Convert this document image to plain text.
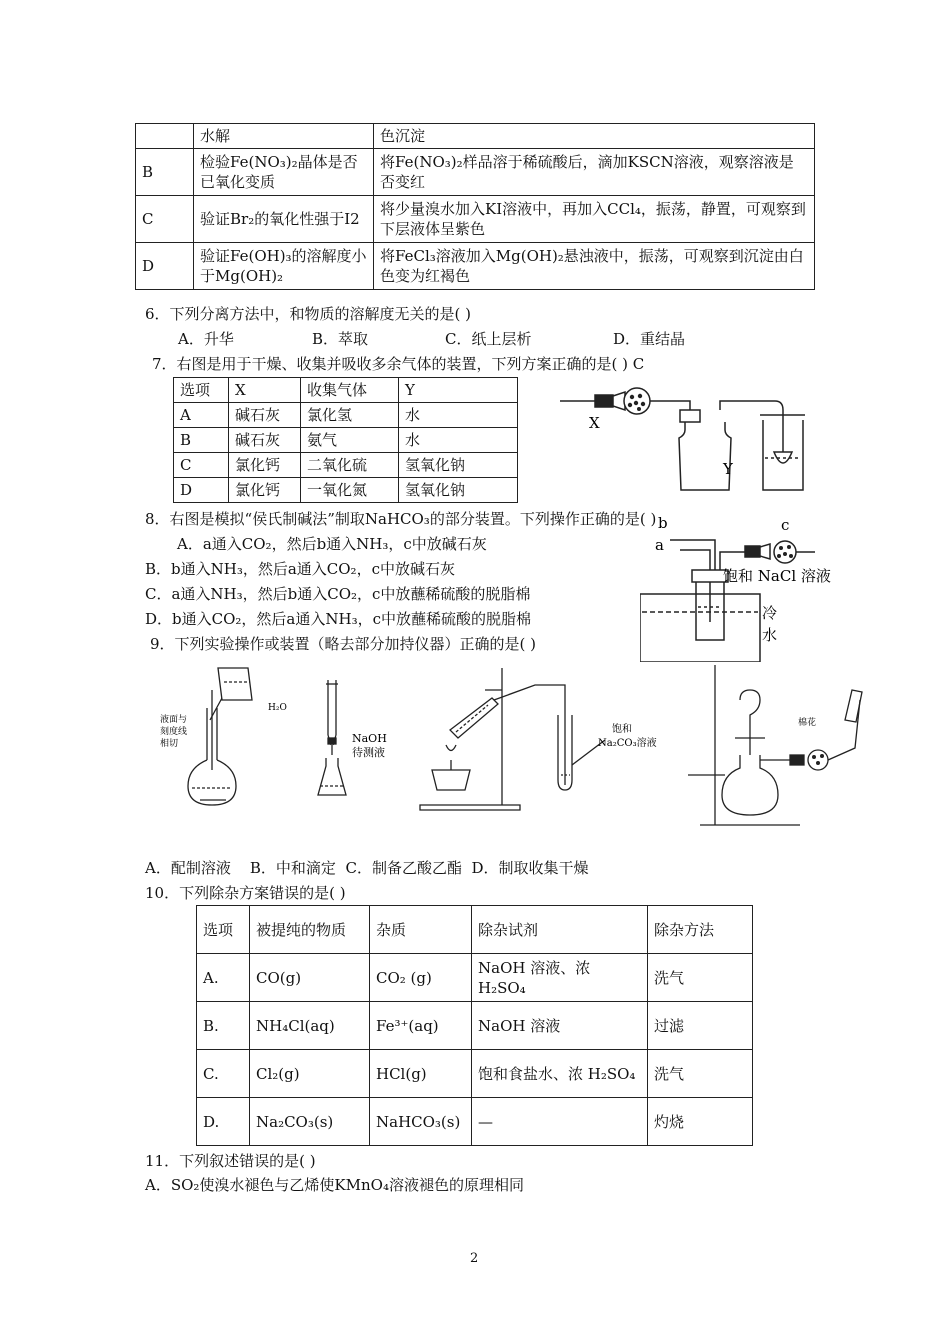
	水解	色沉淀
B	检验Fe(NO₃)₂晶体是否已氧化变质	将Fe(NO₃)₂样品溶于稀硫酸后，滴加KSCN溶液，观察溶液是否变红
C	验证Br₂的氧化性强于I2	将少量溴水加入KI溶液中，再加入CCl₄，振荡，静置，可观察到下层液体呈紫色
D	验证Fe(OH)₃的溶解度小于Mg(OH)₂	将FeCl₃溶液加入Mg(OH)₂悬浊液中，振荡，可观察到沉淀由白色变为红褐色
6．下列分离方法中，和物质的溶解度无关的是( )
A．升华	B．萃取	C．纸上层析	D．重结晶
7．右图是用于干燥、收集并吸收多余气体的装置，下列方案正确的是( ) C
选项	X	收集气体	Y
A	碱石灰	氯化氢	水
B	碱石灰	氨气	水
C	氯化钙	二氧化硫	氢氧化钠
D	氯化钙	一氧化氮	氢氧化钠
X
Y
8．右图是模拟“侯氏制碱法”制取NaHCO₃的部分装置。下列操作正确的是( )
A．a通入CO₂，然后b通入NH₃，c中放碱石灰
B．b通入NH₃，然后a通入CO₂，c中放碱石灰
C．a通入NH₃，然后b通入CO₂，c中放蘸稀硫酸的脱脂棉
D．b通入CO₂，然后a通入NH₃，c中放蘸稀硫酸的脱脂棉
b
a
c
饱和 NaCl 溶液
冷
水
9．下列实验操作或装置（略去部分加持仪器）正确的是( )
H₂O
液面与
刻度线
相切	NaOH
待测液
饱和
Na₂CO₃溶液
棉花
A．配制溶液    B．中和滴定  C．制备乙酸乙酯  D．制取收集干燥
10．下列除杂方案错误的是( )
选项	被提纯的物质	杂质	除杂试剂	除杂方法
A.	CO(g)	CO₂ (g)	NaOH 溶液、浓 H₂SO₄	洗气
B.	NH₄Cl(aq)	Fe³⁺(aq)	NaOH 溶液	过滤
C.	Cl₂(g)	HCl(g)	饱和食盐水、浓 H₂SO₄	洗气
D.	Na₂CO₃(s)	NaHCO₃(s)	—	灼烧
11．下列叙述错误的是( )
A．SO₂使溴水褪色与乙烯使KMnO₄溶液褪色的原理相同
2
